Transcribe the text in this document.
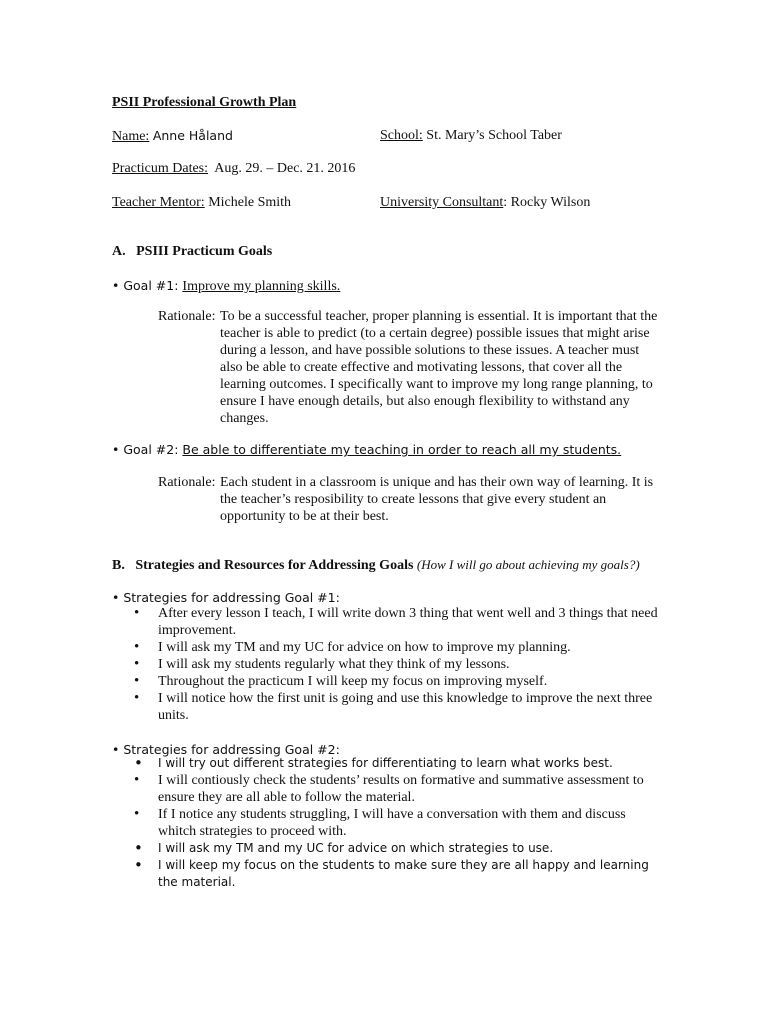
PSII Professional Growth Plan
Name: Anne Håland	School: St. Mary’s School Taber
Practicum Dates: Aug. 29. – Dec. 21. 2016
Teacher Mentor: Michele Smith	University Consultant: Rocky Wilson
A.   PSIII Practicum Goals
• Goal #1: Improve my planning skills.
Rationale: To be a successful teacher, proper planning is essential. It is important that the teacher is able to predict (to a certain degree) possible issues that might arise during a lesson, and have possible solutions to these issues. A teacher must also be able to create effective and motivating lessons, that cover all the learning outcomes. I specifically want to improve my long range planning, to ensure I have enough details, but also enough flexibility to withstand any changes.
• Goal #2: Be able to differentiate my teaching in order to reach all my students.
Rationale: Each student in a classroom is unique and has their own way of learning. It is the teacher’s resposibility to create lessons that give every student an opportunity to be at their best.
B.   Strategies and Resources for Addressing Goals (How I will go about achieving my goals?)
• Strategies for addressing Goal #1:
• After every lesson I teach, I will write down 3 thing that went well and 3 things that need improvement.
• I will ask my TM and my UC for advice on how to improve my planning.
• I will ask my students regularly what they think of my lessons.
• Throughout the practicum I will keep my focus on improving myself.
• I will notice how the first unit is going and use this knowledge to improve the next three units.
• Strategies for addressing Goal #2:
• I will try out different strategies for differentiating to learn what works best.
• I will contiously check the students’ results on formative and summative assessment to ensure they are all able to follow the material.
• If I notice any students struggling, I will have a conversation with them and discuss whitch strategies to proceed with.
• I will ask my TM and my UC for advice on which strategies to use.
• I will keep my focus on the students to make sure they are all happy and learning the material.
